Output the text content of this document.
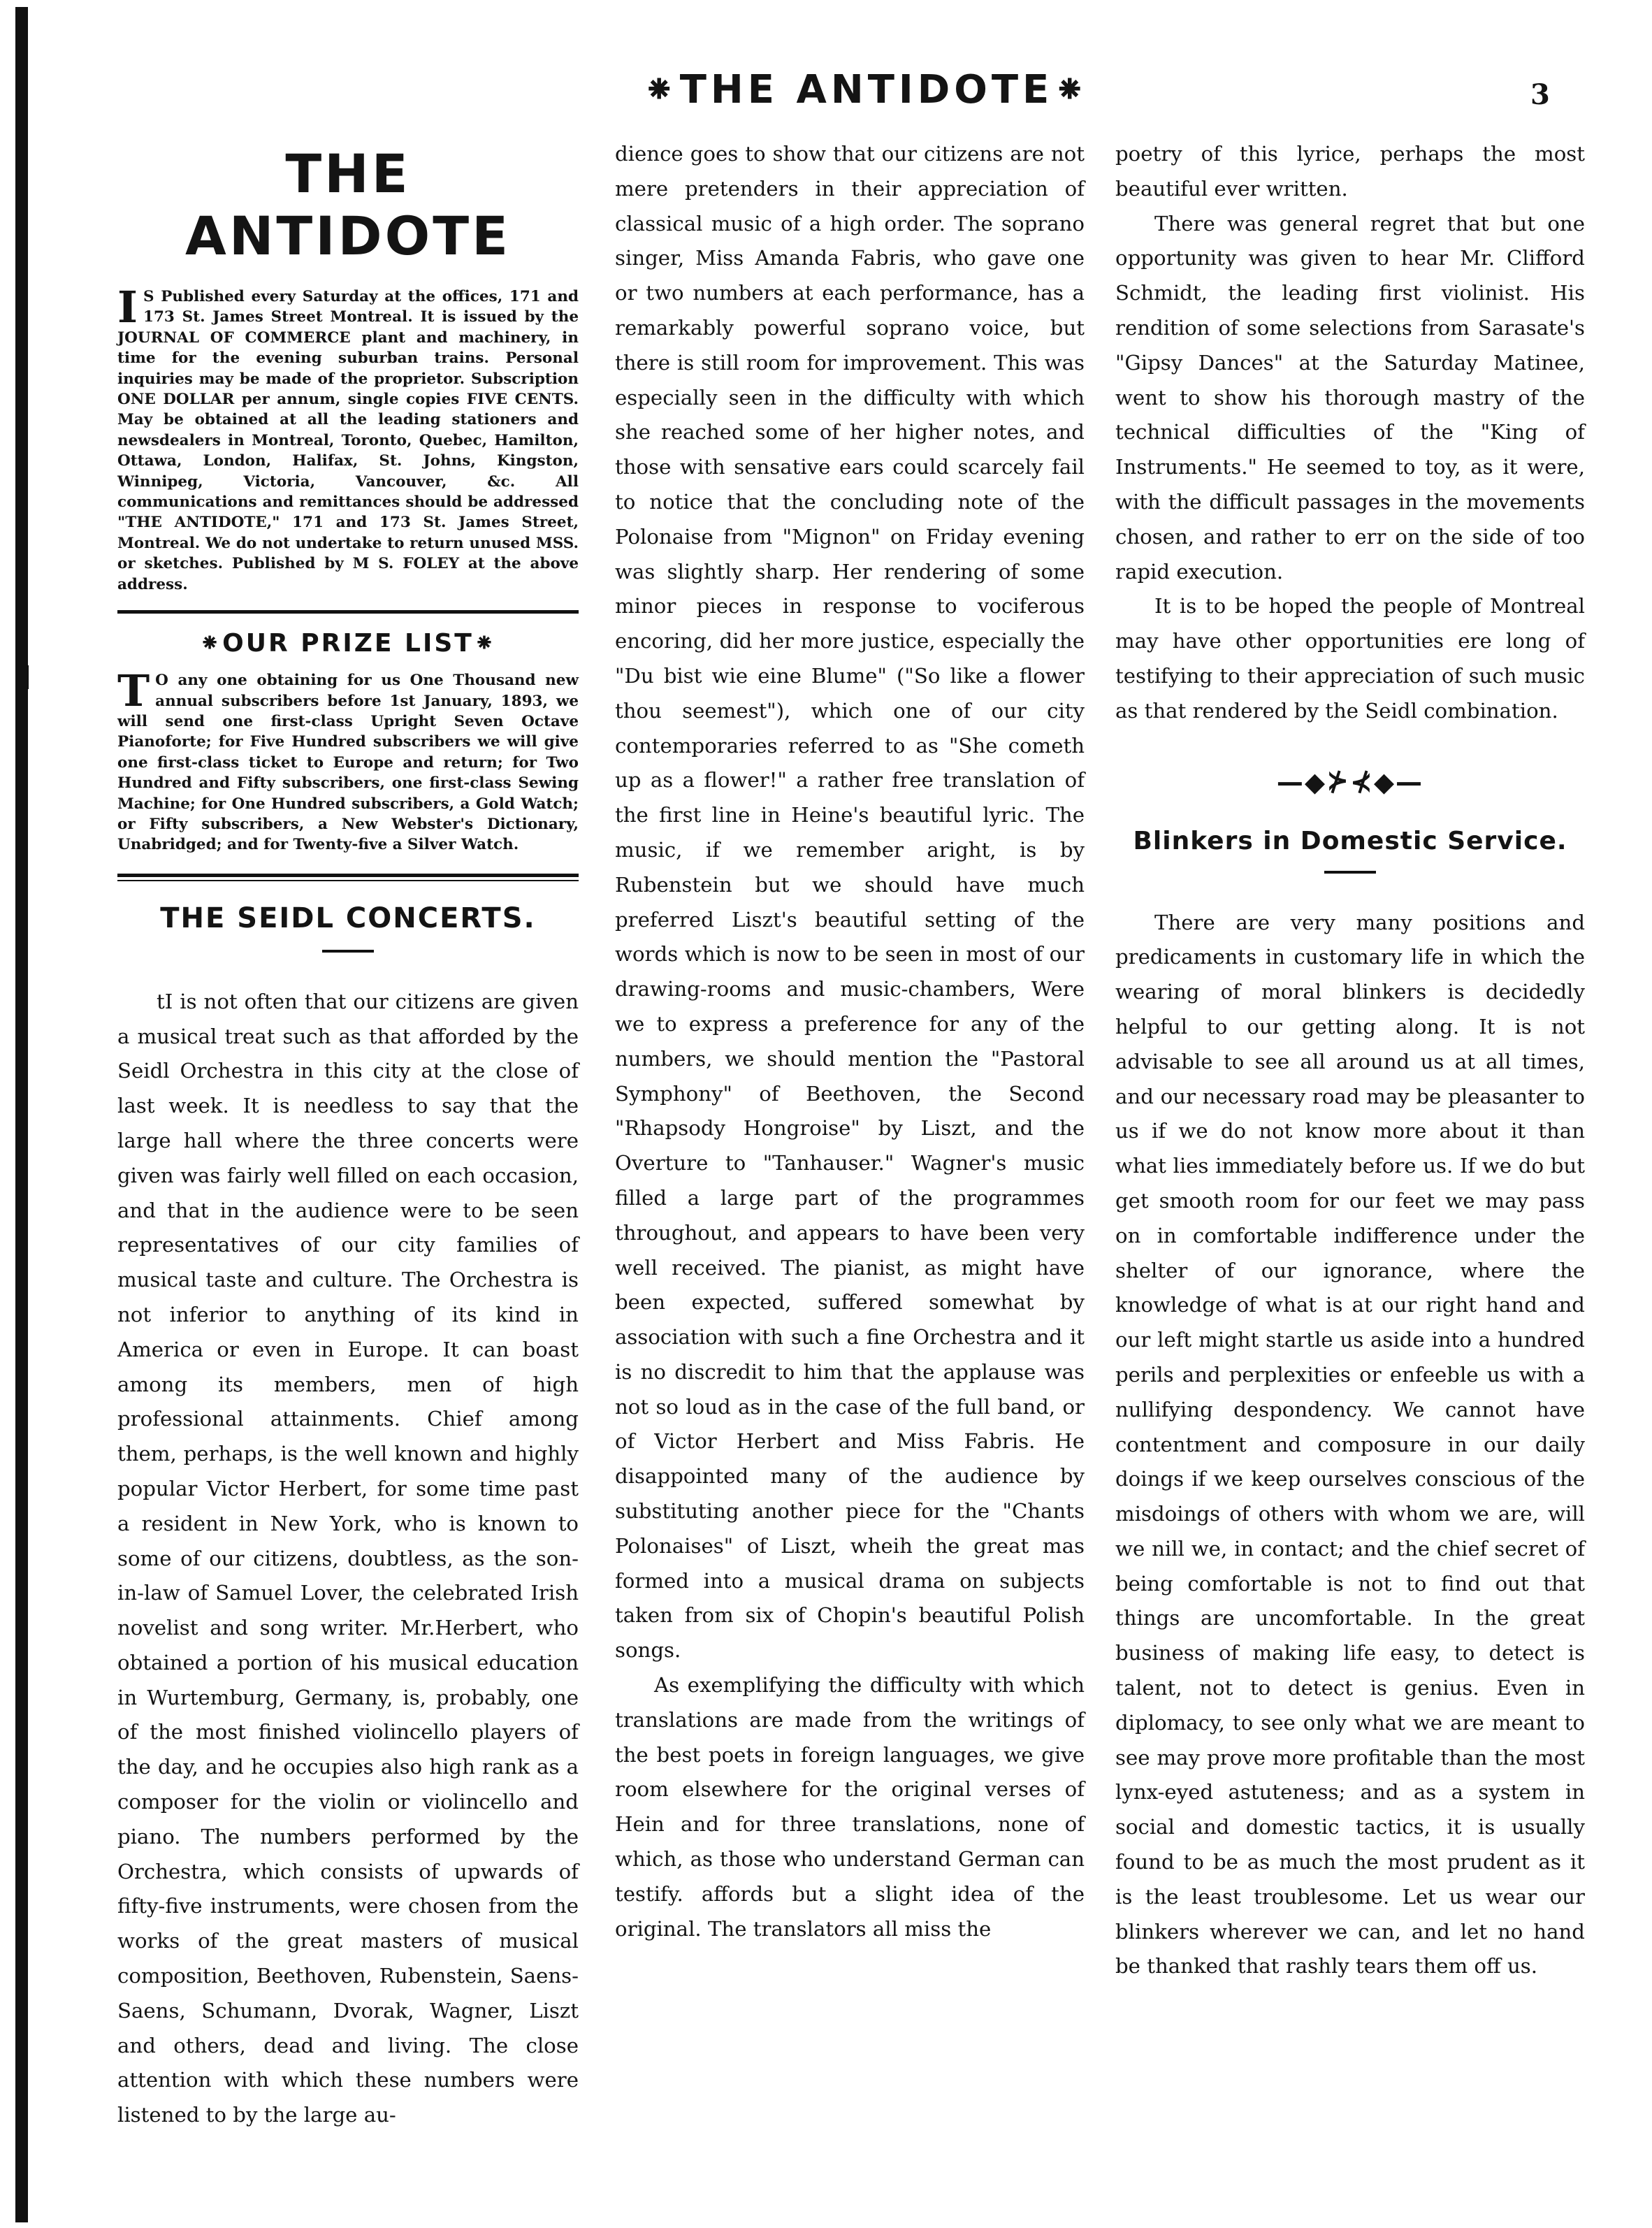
⁕THE ANTIDOTE⁕	3
THE ANTIDOTE

IS Published every Saturday at the offices, 171 and 173 St. James Street Montreal. It is issued by the JOURNAL OF COMMERCE plant and machinery, in time for the evening suburban trains. Personal inquiries may be made of the proprietor. Subscription ONE DOLLAR per annum, single copies FIVE CENTS. May be obtained at all the leading stationers and newsdealers in Montreal, Toronto, Quebec, Hamilton, Ottawa, London, Halifax, St. Johns, Kingston, Winnipeg, Victoria, Vancouver, &c. All communications and remittances should be addressed "THE ANTIDOTE," 171 and 173 St. James Street, Montreal. We do not undertake to return unused MSS. or sketches. Published by M S. FOLEY at the above address.

⁕OUR PRIZE LIST⁕

TO any one obtaining for us One Thousand new annual subscribers before 1st January, 1893, we will send one first-class Upright Seven Octave Pianoforte; for Five Hundred subscribers we will give one first-class ticket to Europe and return; for Two Hundred and Fifty subscribers, one first-class Sewing Machine; for One Hundred subscribers, a Gold Watch; or Fifty subscribers, a New Webster's Dictionary, Unabridged; and for Twenty-five a Silver Watch.

THE SEIDL CONCERTS.

tI is not often that our citizens are given a musical treat such as that afforded by the Seidl Orchestra in this city at the close of last week. It is needless to say that the large hall where the three concerts were given was fairly well filled on each occasion, and that in the audience were to be seen representatives of our city families of musical taste and culture. The Orchestra is not inferior to anything of its kind in America or even in Europe. It can boast among its members, men of high professional attainments. Chief among them, perhaps, is the well known and highly popular Victor Herbert, for some time past a resident in New York, who is known to some of our citizens, doubtless, as the son-in-law of Samuel Lover, the celebrated Irish novelist and song writer. Mr.Herbert, who obtained a portion of his musical education in Wurtemburg, Germany, is, probably, one of the most finished violincello players of the day, and he occupies also high rank as a composer for the violin or violincello and piano. The numbers performed by the Orchestra, which consists of upwards of fifty-five instruments, were chosen from the works of the great masters of musical composition, Beethoven, Rubenstein, Saens-Saens, Schumann, Dvorak, Wagner, Liszt and others, dead and living. The close attention with which these numbers were listened to by the large au-

dience goes to show that our citizens are not mere pretenders in their appreciation of classical music of a high order. The soprano singer, Miss Amanda Fabris, who gave one or two numbers at each performance, has a remarkably powerful soprano voice, but there is still room for improvement. This was especially seen in the difficulty with which she reached some of her higher notes, and those with sensative ears could scarcely fail to notice that the concluding note of the Polonaise from "Mignon" on Friday evening was slightly sharp. Her rendering of some minor pieces in response to vociferous encoring, did her more justice, especially the "Du bist wie eine Blume" ("So like a flower thou seemest"), which one of our city contemporaries referred to as "She cometh up as a flower!" a rather free translation of the first line in Heine's beautiful lyric. The music, if we remember aright, is by Rubenstein but we should have much preferred Liszt's beautiful setting of the words which is now to be seen in most of our drawing-rooms and music-chambers, Were we to express a preference for any of the numbers, we should mention the "Pastoral Symphony" of Beethoven, the Second "Rhapsody Hongroise" by Liszt, and the Overture to "Tanhauser." Wagner's music filled a large part of the programmes throughout, and appears to have been very well received. The pianist, as might have been expected, suffered somewhat by association with such a fine Orchestra and it is no discredit to him that the applause was not so loud as in the case of the full band, or of Victor Herbert and Miss Fabris. He disappointed many of the audience by substituting another piece for the "Chants Polonaises" of Liszt, wheih the great mas formed into a musical drama on subjects taken from six of Chopin's beautiful Polish songs.

As exemplifying the difficulty with which translations are made from the writings of the best poets in foreign languages, we give room elsewhere for the original verses of Hein and for three translations, none of which, as those who understand German can testify. affords but a slight idea of the original. The translators all miss the

poetry of this lyrice, perhaps the most beautiful ever written.

There was general regret that but one opportunity was given to hear Mr. Clifford Schmidt, the leading first violinist. His rendition of some selections from Sarasate's "Gipsy Dances" at the Saturday Matinee, went to show his thorough mastry of the technical difficulties of the "King of Instruments." He seemed to toy, as it were, with the difficult passages in the movements chosen, and rather to err on the side of too rapid execution.

It is to be hoped the people of Montreal may have other opportunities ere long of testifying to their appreciation of such music as that rendered by the Seidl combination.

—◆⊁⊀◆—
Blinkers in Domestic Service.

There are very many positions and predicaments in customary life in which the wearing of moral blinkers is decidedly helpful to our getting along. It is not advisable to see all around us at all times, and our necessary road may be pleasanter to us if we do not know more about it than what lies immediately before us. If we do but get smooth room for our feet we may pass on in comfortable indifference under the shelter of our ignorance, where the knowledge of what is at our right hand and our left might startle us aside into a hundred perils and perplexities or enfeeble us with a nullifying despondency. We cannot have contentment and composure in our daily doings if we keep ourselves conscious of the misdoings of others with whom we are, will we nill we, in contact; and the chief secret of being comfortable is not to find out that things are uncomfortable. In the great business of making life easy, to detect is talent, not to detect is genius. Even in diplomacy, to see only what we are meant to see may prove more profitable than the most lynx-eyed astuteness; and as a system in social and domestic tactics, it is usually found to be as much the most prudent as it is the least troublesome. Let us wear our blinkers wherever we can, and let no hand be thanked that rashly tears them off us.
